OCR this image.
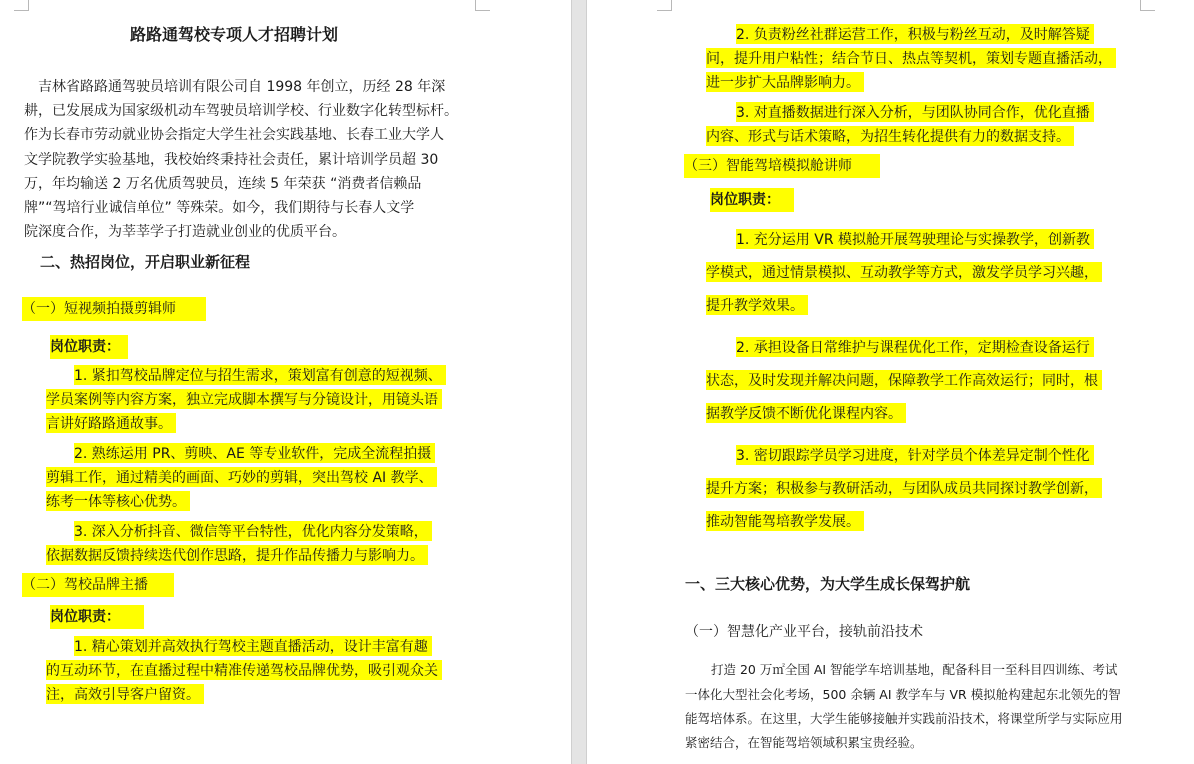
路路通驾校专项人才招聘计划
吉林省路路通驾驶员培训有限公司自 1998 年创立，历经 28 年深
耕，已发展成为国家级机动车驾驶员培训学校、行业数字化转型标杆。
作为长春市劳动就业协会指定大学生社会实践基地、长春工业大学人
文学院教学实验基地，我校始终秉持社会责任，累计培训学员超 30
万，年均输送 2 万名优质驾驶员，连续 5 年荣获 “消费者信赖品
牌”“驾培行业诚信单位” 等殊荣。如今，我们期待与长春人文学
院深度合作，为莘莘学子打造就业创业的优质平台。
二、热招岗位，开启职业新征程
（一）短视频拍摄剪辑师
岗位职责：
1. 紧扣驾校品牌定位与招生需求，策划富有创意的短视频、
学员案例等内容方案，独立完成脚本撰写与分镜设计，用镜头语
言讲好路路通故事。
2. 熟练运用 PR、剪映、AE 等专业软件，完成全流程拍摄
剪辑工作，通过精美的画面、巧妙的剪辑，突出驾校 AI 教学、
练考一体等核心优势。
3. 深入分析抖音、微信等平台特性，优化内容分发策略，
依据数据反馈持续迭代创作思路，提升作品传播力与影响力。
（二）驾校品牌主播
岗位职责：
1. 精心策划并高效执行驾校主题直播活动，设计丰富有趣
的互动环节，在直播过程中精准传递驾校品牌优势，吸引观众关
注，高效引导客户留资。
2. 负责粉丝社群运营工作，积极与粉丝互动，及时解答疑
问，提升用户粘性；结合节日、热点等契机，策划专题直播活动，
进一步扩大品牌影响力。
3. 对直播数据进行深入分析，与团队协同合作，优化直播
内容、形式与话术策略，为招生转化提供有力的数据支持。
（三）智能驾培模拟舱讲师
岗位职责：
1. 充分运用 VR 模拟舱开展驾驶理论与实操教学，创新教
学模式，通过情景模拟、互动教学等方式，激发学员学习兴趣，
提升教学效果。
2. 承担设备日常维护与课程优化工作，定期检查设备运行
状态，及时发现并解决问题，保障教学工作高效运行；同时，根
据教学反馈不断优化课程内容。
3. 密切跟踪学员学习进度，针对学员个体差异定制个性化
提升方案；积极参与教研活动，与团队成员共同探讨教学创新，
推动智能驾培教学发展。
一、三大核心优势，为大学生成长保驾护航
（一）智慧化产业平台，接轨前沿技术
打造 20 万㎡全国 AI 智能学车培训基地，配备科目一至科目四训练、考试
一体化大型社会化考场，500 余辆 AI 教学车与 VR 模拟舱构建起东北领先的智
能驾培体系。在这里，大学生能够接触并实践前沿技术，将课堂所学与实际应用
紧密结合，在智能驾培领域积累宝贵经验。
